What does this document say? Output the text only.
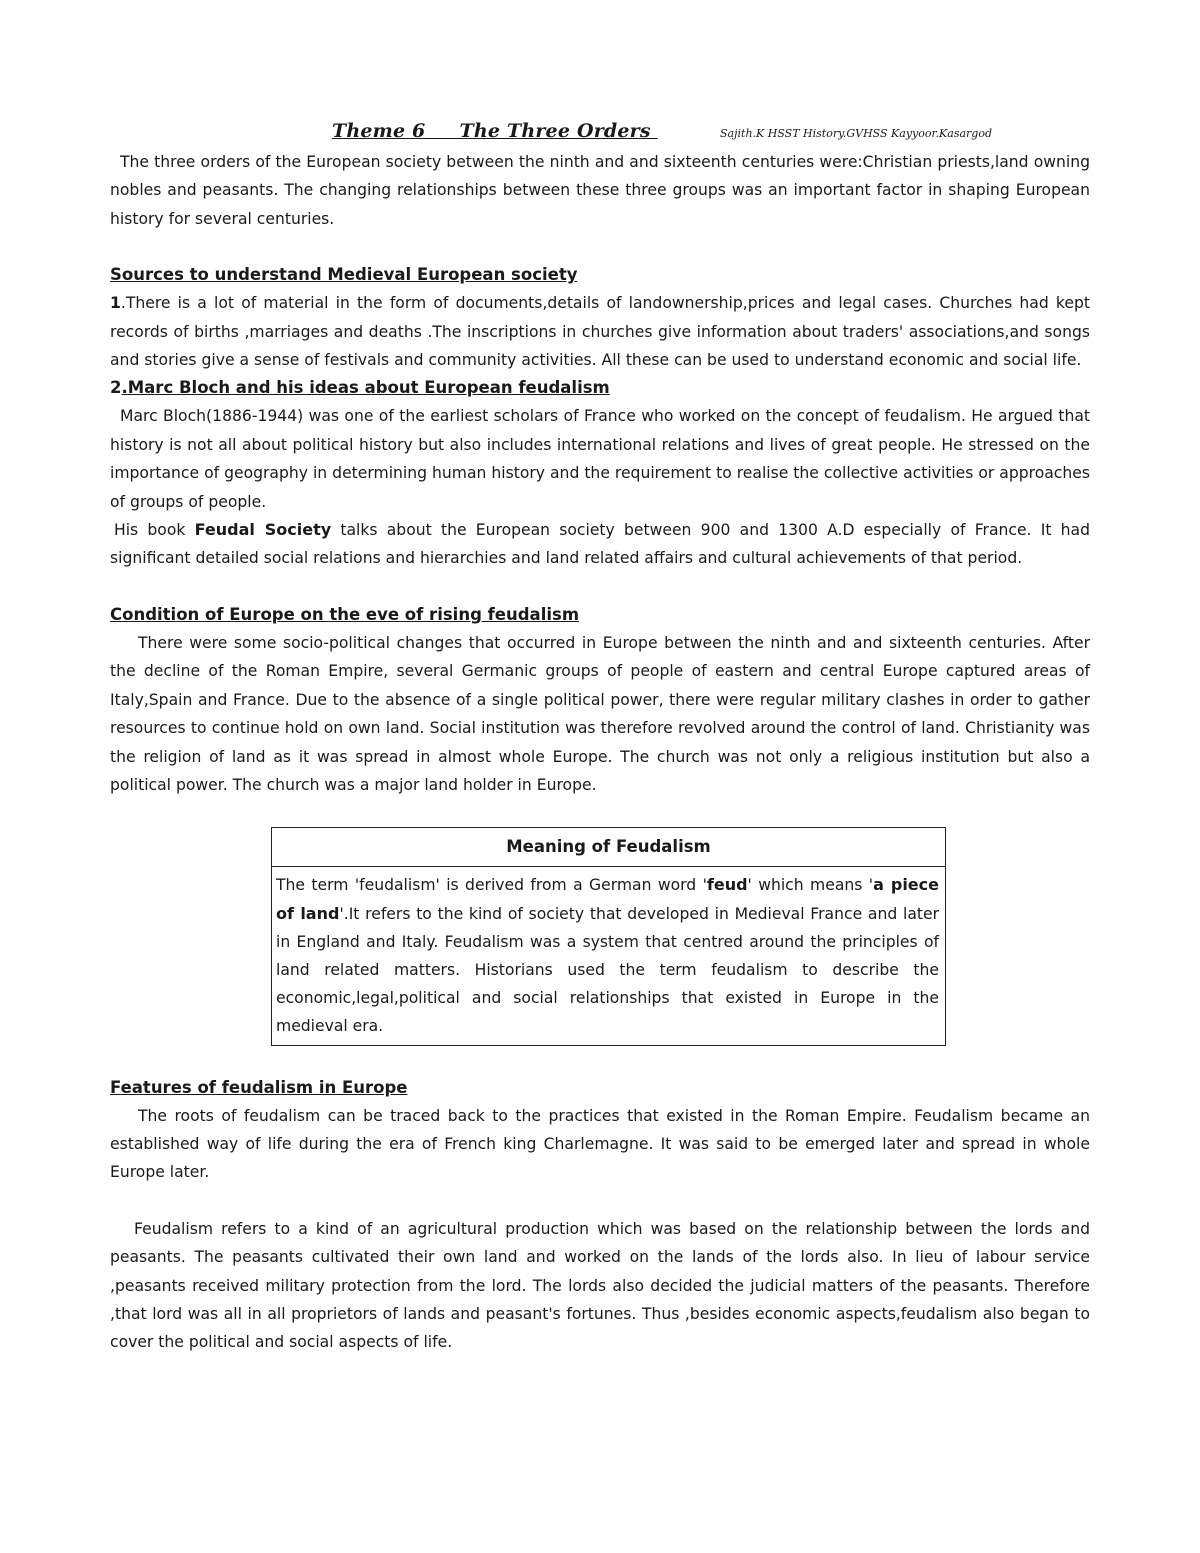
Theme 6     The Three Orders	Sajith.K HSST History.GVHSS Kayyoor.Kasargod

The three orders of the European society between the ninth and and sixteenth centuries were:Christian priests,land owning nobles and peasants. The changing relationships between these three groups was an important factor in shaping European history for several centuries.

Sources to understand Medieval European society

1.There is a lot of material in the form of documents,details of landownership,prices and legal cases. Churches had kept records of births ,marriages and deaths .The inscriptions in churches give information about traders' associations,and songs and stories give a sense of festivals and community activities. All these can be used to understand economic and social life.

2.Marc Bloch and his ideas about European feudalism

Marc Bloch(1886-1944) was one of the earliest scholars of France who worked on the concept of feudalism. He argued that history is not all about political history but also includes international relations and lives of great people. He stressed on the importance of geography in determining human history and the requirement to realise the collective activities or approaches of groups of people.

His book Feudal Society talks about the European society between 900 and 1300 A.D especially of France. It had significant detailed social relations and hierarchies and land related affairs and cultural achievements of that period.

Condition of Europe on the eve of rising feudalism

There were some socio-political changes that occurred in Europe between the ninth and and sixteenth centuries. After the decline of the Roman Empire, several Germanic groups of people of eastern and central Europe captured areas of Italy,Spain and France. Due to the absence of a single political power, there were regular military clashes in order to gather resources to continue hold on own land. Social institution was therefore revolved around the control of land. Christianity was the religion of land as it was spread in almost whole Europe. The church was not only a religious institution but also a political power. The church was a major land holder in Europe.

Meaning of Feudalism

The term 'feudalism' is derived from a German word 'feud' which means 'a piece of land'.It refers to the kind of society that developed in Medieval France and later in England and Italy. Feudalism was a system that centred around the principles of land related matters. Historians used the term feudalism to describe the economic,legal,political and social relationships that existed in Europe in the medieval era.

Features of feudalism in Europe

The roots of feudalism can be traced back to the practices that existed in the Roman Empire. Feudalism became an established way of life during the era of French king Charlemagne. It was said to be emerged later and spread in whole Europe later.

Feudalism refers to a kind of an agricultural production which was based on the relationship between the lords and peasants. The peasants cultivated their own land and worked on the lands of the lords also. In lieu of labour service ,peasants received military protection from the lord. The lords also decided the judicial matters of the peasants. Therefore ,that lord was all in all proprietors of lands and peasant's fortunes. Thus ,besides economic aspects,feudalism also began to cover the political and social aspects of life.
